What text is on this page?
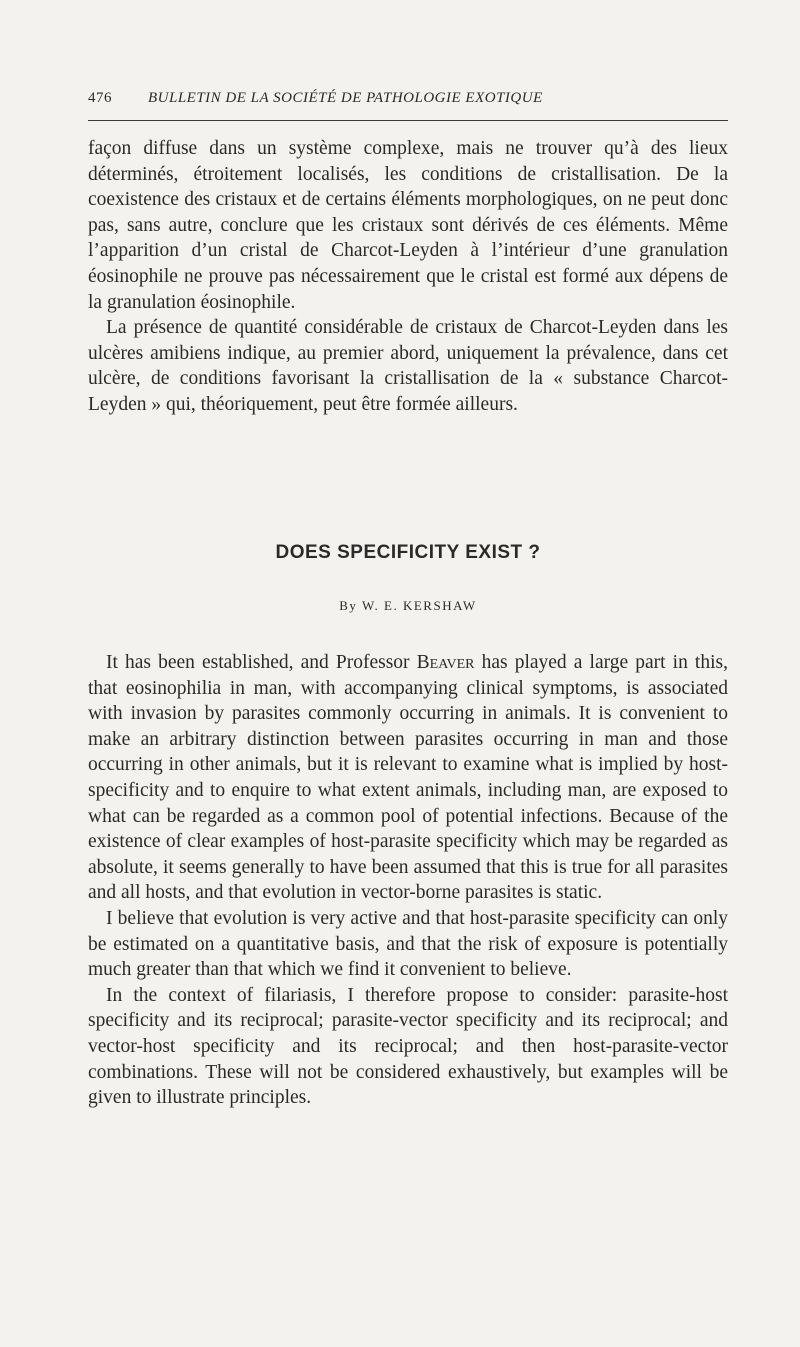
476	BULLETIN DE LA SOCIÉTÉ DE PATHOLOGIE EXOTIQUE

façon diffuse dans un système complexe, mais ne trouver qu’à des lieux déterminés, étroitement localisés, les conditions de cristallisation. De la coexistence des cristaux et de certains éléments morphologiques, on ne peut donc pas, sans autre, conclure que les cristaux sont dérivés de ces éléments. Même l’apparition d’un cristal de Charcot-Leyden à l’intérieur d’une granulation éosinophile ne prouve pas nécessairement que le cristal est formé aux dépens de la granulation éosinophile.

La présence de quantité considérable de cristaux de Charcot-Leyden dans les ulcères amibiens indique, au premier abord, uniquement la prévalence, dans cet ulcère, de conditions favorisant la cristallisation de la « substance Charcot-Leyden » qui, théoriquement, peut être formée ailleurs.

DOES SPECIFICITY EXIST ?
By W. E. KERSHAW

It has been established, and Professor Beaver has played a large part in this, that eosinophilia in man, with accompanying clinical symptoms, is associated with invasion by parasites commonly occurring in animals. It is convenient to make an arbitrary distinction between parasites occurring in man and those occurring in other animals, but it is relevant to examine what is implied by host-specificity and to enquire to what extent animals, including man, are exposed to what can be regarded as a common pool of potential infections. Because of the existence of clear examples of host-parasite specificity which may be regarded as absolute, it seems generally to have been assumed that this is true for all parasites and all hosts, and that evolution in vector-borne parasites is static.

I believe that evolution is very active and that host-parasite specificity can only be estimated on a quantitative basis, and that the risk of exposure is potentially much greater than that which we find it convenient to believe.

In the context of filariasis, I therefore propose to consider: parasite-host specificity and its reciprocal; parasite-vector specificity and its reciprocal; and vector-host specificity and its reciprocal; and then host-parasite-vector combinations. These will not be considered exhaustively, but examples will be given to illustrate principles.
